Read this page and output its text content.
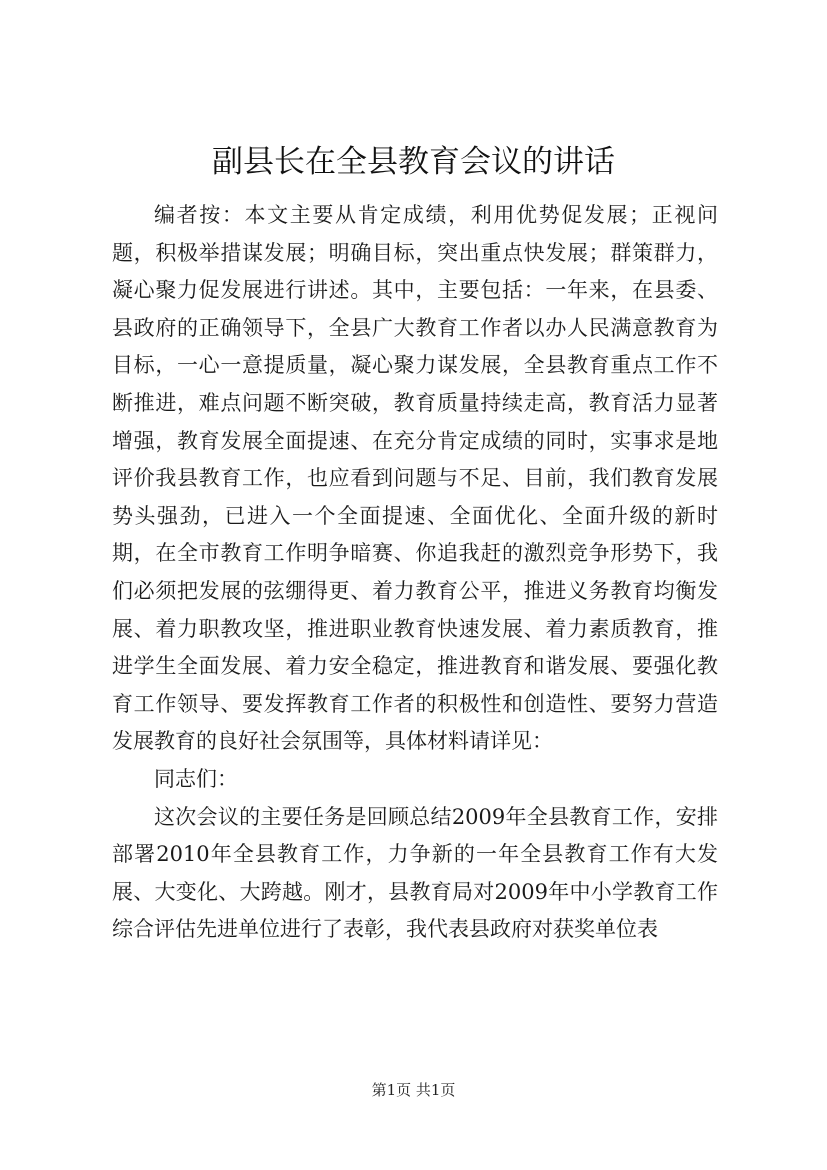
副县长在全县教育会议的讲话

编者按：本文主要从肯定成绩，利用优势促发展；正视问题，积极举措谋发展；明确目标，突出重点快发展；群策群力，凝心聚力促发展进行讲述。其中，主要包括：一年来，在县委、县政府的正确领导下，全县广大教育工作者以办人民满意教育为目标，一心一意提质量，凝心聚力谋发展，全县教育重点工作不断推进，难点问题不断突破，教育质量持续走高，教育活力显著增强，教育发展全面提速、在充分肯定成绩的同时，实事求是地评价我县教育工作，也应看到问题与不足、目前，我们教育发展势头强劲，已进入一个全面提速、全面优化、全面升级的新时期，在全市教育工作明争暗赛、你追我赶的激烈竞争形势下，我们必须把发展的弦绷得更、着力教育公平，推进义务教育均衡发展、着力职教攻坚，推进职业教育快速发展、着力素质教育，推进学生全面发展、着力安全稳定，推进教育和谐发展、要强化教育工作领导、要发挥教育工作者的积极性和创造性、要努力营造发展教育的良好社会氛围等，具体材料请详见：

同志们：

这次会议的主要任务是回顾总结2009年全县教育工作，安排部署2010年全县教育工作，力争新的一年全县教育工作有大发展、大变化、大跨越。刚才，县教育局对2009年中小学教育工作综合评估先进单位进行了表彰，我代表县政府对获奖单位表

第1页 共1页
